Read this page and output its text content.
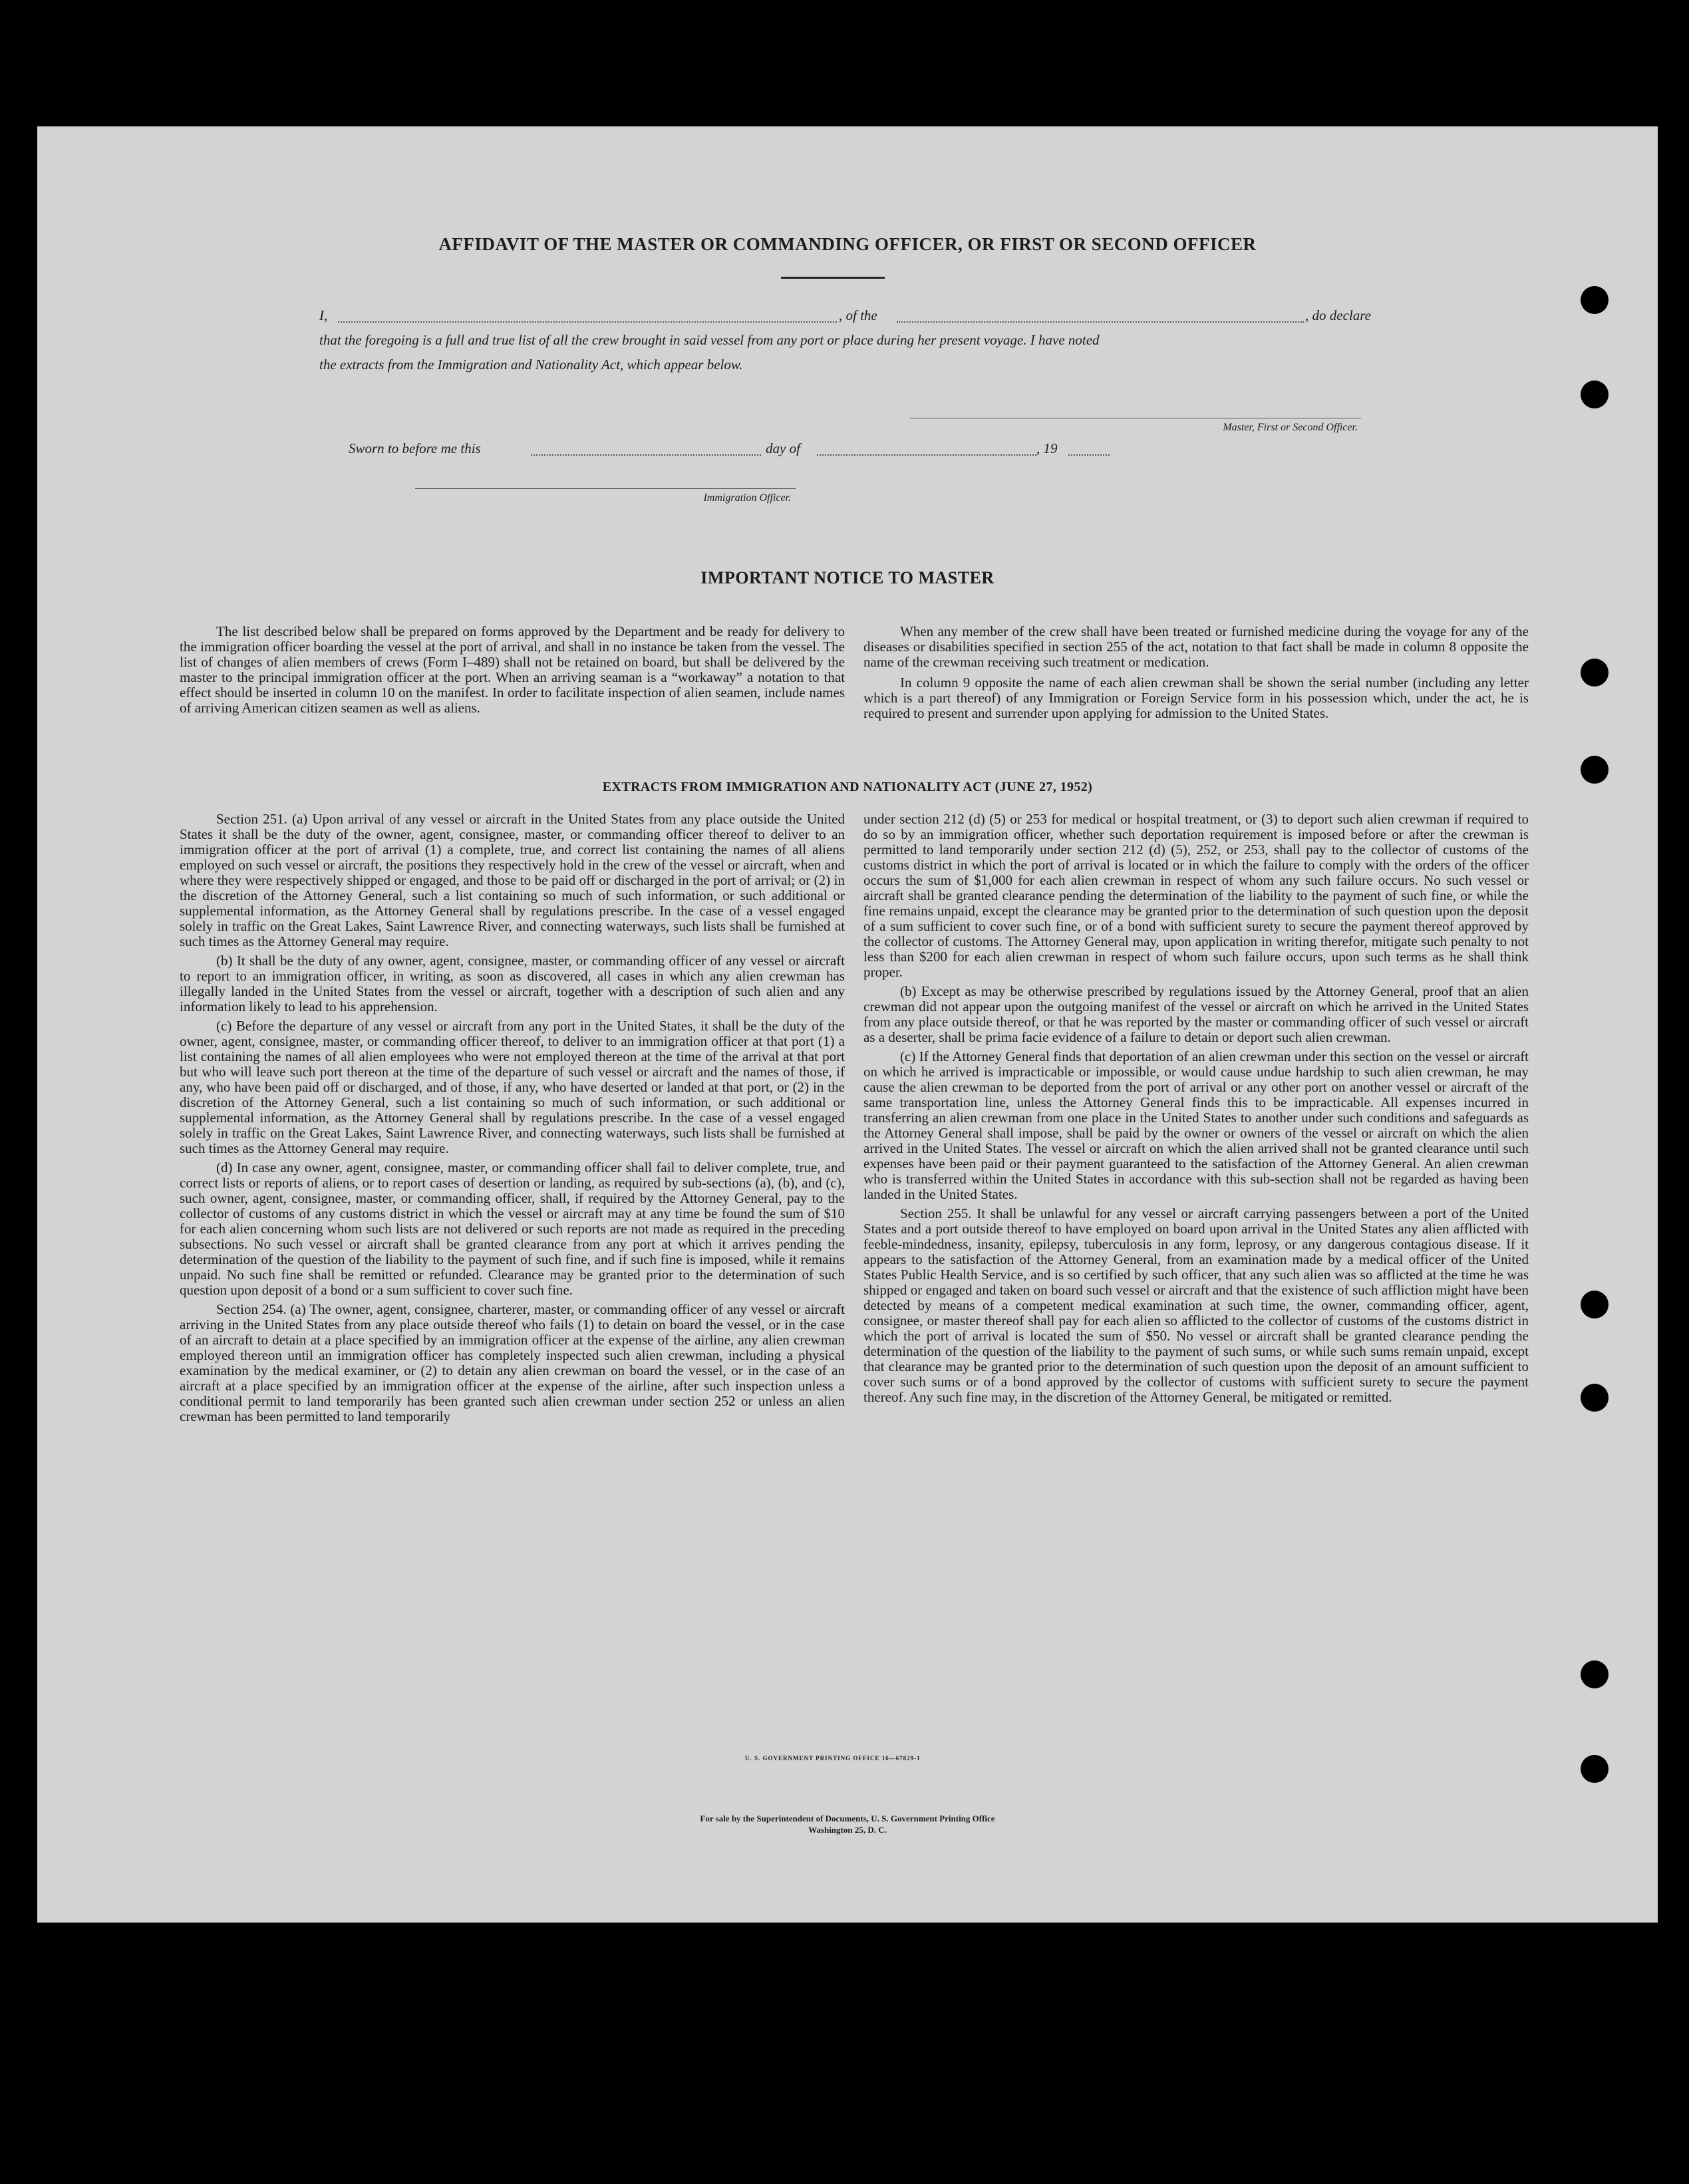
AFFIDAVIT OF THE MASTER OR COMMANDING OFFICER, OR FIRST OR SECOND OFFICER
I,	, of the	, do declare
that the foregoing is a full and true list of all the crew brought in said vessel from any port or place during her present voyage. I have noted
the extracts from the Immigration and Nationality Act, which appear below.
Master, First or Second Officer.
Sworn to before me this	day of	, 19
Immigration Officer.
IMPORTANT NOTICE TO MASTER

The list described below shall be prepared on forms approved by the Department and be ready for delivery to the immigration officer boarding the vessel at the port of arrival, and shall in no instance be taken from the vessel. The list of changes of alien members of crews (Form I–489) shall not be retained on board, but shall be delivered by the master to the principal immigration officer at the port. When an arriving seaman is a “workaway” a notation to that effect should be inserted in column 10 on the manifest. In order to facilitate inspection of alien seamen, include names of arriving American citizen seamen as well as aliens.

When any member of the crew shall have been treated or furnished medicine during the voyage for any of the diseases or disabilities specified in section 255 of the act, notation to that fact shall be made in column 8 opposite the name of the crewman receiving such treatment or medication.

In column 9 opposite the name of each alien crewman shall be shown the serial number (including any letter which is a part thereof) of any Immigration or Foreign Service form in his possession which, under the act, he is required to present and surrender upon applying for admission to the United States.

EXTRACTS FROM IMMIGRATION AND NATIONALITY ACT (JUNE 27, 1952)

Section 251. (a) Upon arrival of any vessel or aircraft in the United States from any place outside the United States it shall be the duty of the owner, agent, consignee, master, or commanding officer thereof to deliver to an immigration officer at the port of arrival (1) a complete, true, and correct list containing the names of all aliens employed on such vessel or aircraft, the positions they respectively hold in the crew of the vessel or aircraft, when and where they were respectively shipped or engaged, and those to be paid off or discharged in the port of arrival; or (2) in the discretion of the Attorney General, such a list containing so much of such information, or such additional or supplemental information, as the Attorney General shall by regulations prescribe. In the case of a vessel engaged solely in traffic on the Great Lakes, Saint Lawrence River, and connecting waterways, such lists shall be furnished at such times as the Attorney General may require.

(b) It shall be the duty of any owner, agent, consignee, master, or commanding officer of any vessel or aircraft to report to an immigration officer, in writing, as soon as discovered, all cases in which any alien crewman has illegally landed in the United States from the vessel or aircraft, together with a description of such alien and any information likely to lead to his apprehension.

(c) Before the departure of any vessel or aircraft from any port in the United States, it shall be the duty of the owner, agent, consignee, master, or commanding officer thereof, to deliver to an immigration officer at that port (1) a list containing the names of all alien employees who were not employed thereon at the time of the arrival at that port but who will leave such port thereon at the time of the departure of such vessel or aircraft and the names of those, if any, who have been paid off or discharged, and of those, if any, who have deserted or landed at that port, or (2) in the discretion of the Attorney General, such a list containing so much of such information, or such additional or supplemental information, as the Attorney General shall by regulations prescribe. In the case of a vessel engaged solely in traffic on the Great Lakes, Saint Lawrence River, and connecting waterways, such lists shall be furnished at such times as the Attorney General may require.

(d) In case any owner, agent, consignee, master, or commanding officer shall fail to deliver complete, true, and correct lists or reports of aliens, or to report cases of desertion or landing, as required by sub-sections (a), (b), and (c), such owner, agent, consignee, master, or commanding officer, shall, if required by the Attorney General, pay to the collector of customs of any customs district in which the vessel or aircraft may at any time be found the sum of $10 for each alien concerning whom such lists are not delivered or such reports are not made as required in the preceding subsections. No such vessel or aircraft shall be granted clearance from any port at which it arrives pending the determination of the question of the liability to the payment of such fine, and if such fine is imposed, while it remains unpaid. No such fine shall be remitted or refunded. Clearance may be granted prior to the determination of such question upon deposit of a bond or a sum sufficient to cover such fine.

Section 254. (a) The owner, agent, consignee, charterer, master, or commanding officer of any vessel or aircraft arriving in the United States from any place outside thereof who fails (1) to detain on board the vessel, or in the case of an aircraft to detain at a place specified by an immigration officer at the expense of the airline, any alien crewman employed thereon until an immigration officer has completely inspected such alien crewman, including a physical examination by the medical examiner, or (2) to detain any alien crewman on board the vessel, or in the case of an aircraft at a place specified by an immigration officer at the expense of the airline, after such inspection unless a conditional permit to land temporarily has been granted such alien crewman under section 252 or unless an alien crewman has been permitted to land temporarily

under section 212 (d) (5) or 253 for medical or hospital treatment, or (3) to deport such alien crewman if required to do so by an immigration officer, whether such deportation requirement is imposed before or after the crewman is permitted to land temporarily under section 212 (d) (5), 252, or 253, shall pay to the collector of customs of the customs district in which the port of arrival is located or in which the failure to comply with the orders of the officer occurs the sum of $1,000 for each alien crewman in respect of whom any such failure occurs. No such vessel or aircraft shall be granted clearance pending the determination of the liability to the payment of such fine, or while the fine remains unpaid, except the clearance may be granted prior to the determination of such question upon the deposit of a sum sufficient to cover such fine, or of a bond with sufficient surety to secure the payment thereof approved by the collector of customs. The Attorney General may, upon application in writing therefor, mitigate such penalty to not less than $200 for each alien crewman in respect of whom such failure occurs, upon such terms as he shall think proper.

(b) Except as may be otherwise prescribed by regulations issued by the Attorney General, proof that an alien crewman did not appear upon the outgoing manifest of the vessel or aircraft on which he arrived in the United States from any place outside thereof, or that he was reported by the master or commanding officer of such vessel or aircraft as a deserter, shall be prima facie evidence of a failure to detain or deport such alien crewman.

(c) If the Attorney General finds that deportation of an alien crewman under this section on the vessel or aircraft on which he arrived is impracticable or impossible, or would cause undue hardship to such alien crewman, he may cause the alien crewman to be deported from the port of arrival or any other port on another vessel or aircraft of the same transportation line, unless the Attorney General finds this to be impracticable. All expenses incurred in transferring an alien crewman from one place in the United States to another under such conditions and safeguards as the Attorney General shall impose, shall be paid by the owner or owners of the vessel or aircraft on which the alien arrived in the United States. The vessel or aircraft on which the alien arrived shall not be granted clearance until such expenses have been paid or their payment guaranteed to the satisfaction of the Attorney General. An alien crewman who is transferred within the United States in accordance with this sub-section shall not be regarded as having been landed in the United States.

Section 255. It shall be unlawful for any vessel or aircraft carrying passengers between a port of the United States and a port outside thereof to have employed on board upon arrival in the United States any alien afflicted with feeble-mindedness, insanity, epilepsy, tuberculosis in any form, leprosy, or any dangerous contagious disease. If it appears to the satisfaction of the Attorney General, from an examination made by a medical officer of the United States Public Health Service, and is so certified by such officer, that any such alien was so afflicted at the time he was shipped or engaged and taken on board such vessel or aircraft and that the existence of such affliction might have been detected by means of a competent medical examination at such time, the owner, commanding officer, agent, consignee, or master thereof shall pay for each alien so afflicted to the collector of customs of the customs district in which the port of arrival is located the sum of $50. No vessel or aircraft shall be granted clearance pending the determination of the question of the liability to the payment of such sums, or while such sums remain unpaid, except that clearance may be granted prior to the determination of such question upon the deposit of an amount sufficient to cover such sums or of a bond approved by the collector of customs with sufficient surety to secure the payment thereof. Any such fine may, in the discretion of the Attorney General, be mitigated or remitted.

U. S. GOVERNMENT PRINTING OFFICE 16—67829-1
For sale by the Superintendent of Documents, U. S. Government Printing Office
Washington 25, D. C.
